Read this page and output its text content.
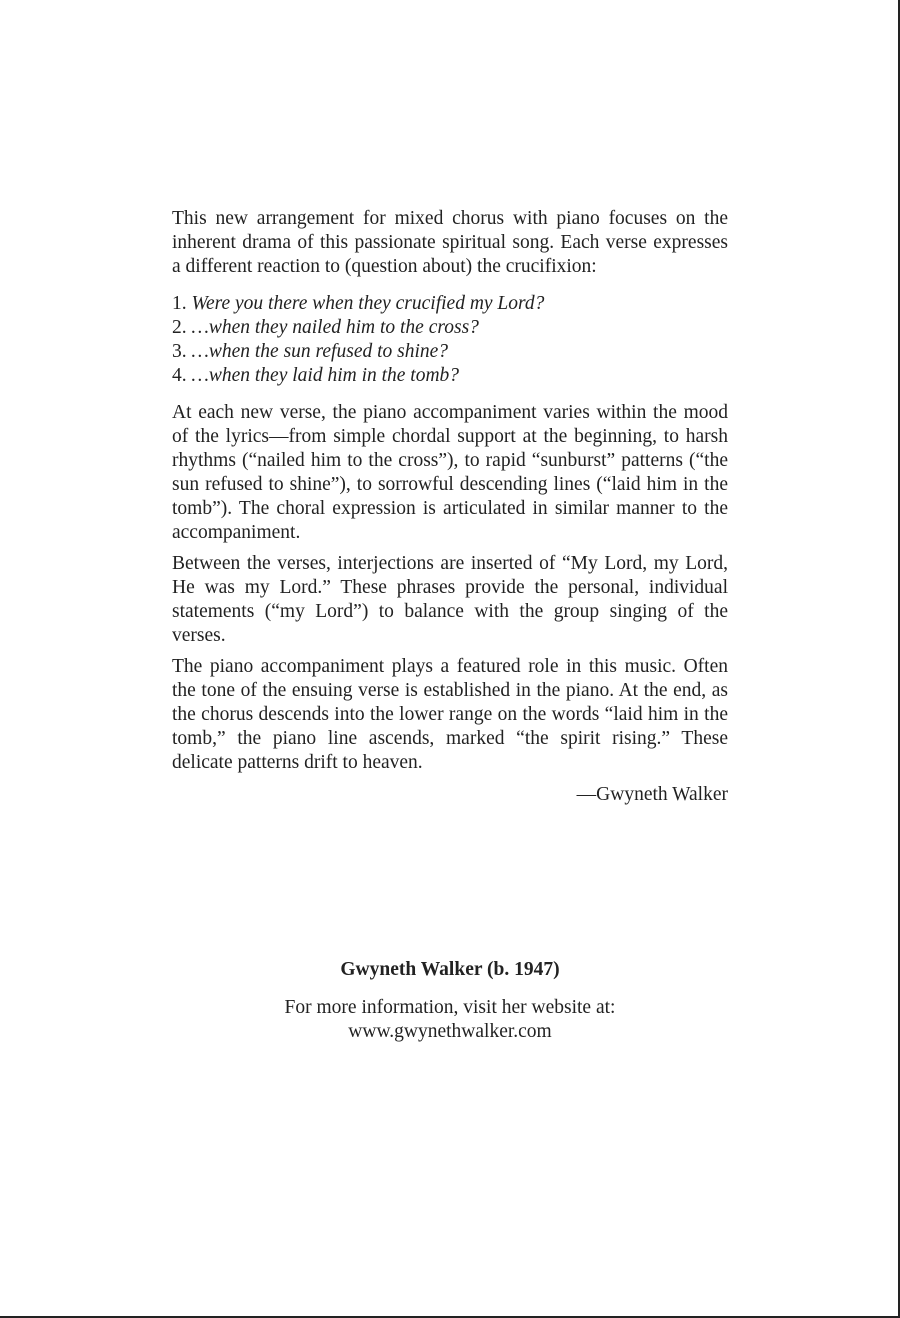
This new arrangement for mixed chorus with piano focuses on the inherent drama of this passionate spiritual song. Each verse expresses a different reaction to (question about) the crucifixion:

1. Were you there when they crucified my Lord?
2. …when they nailed him to the cross?
3. …when the sun refused to shine?
4. …when they laid him in the tomb?

At each new verse, the piano accompaniment varies within the mood of the lyrics—from simple chordal support at the beginning, to harsh rhythms (“nailed him to the cross”), to rapid “sunburst” patterns (“the sun refused to shine”), to sorrowful descending lines (“laid him in the tomb”). The choral expression is articulated in similar manner to the accompaniment.

Between the verses, interjections are inserted of “My Lord, my Lord, He was my Lord.” These phrases provide the personal, individual statements (“my Lord”) to balance with the group singing of the verses.

The piano accompaniment plays a featured role in this music. Often the tone of the ensuing verse is established in the piano. At the end, as the chorus descends into the lower range on the words “laid him in the tomb,” the piano line ascends, marked “the spirit rising.” These delicate patterns drift to heaven.

—Gwyneth Walker

Gwyneth Walker (b. 1947)

For more information, visit her website at:

www.gwynethwalker.com
